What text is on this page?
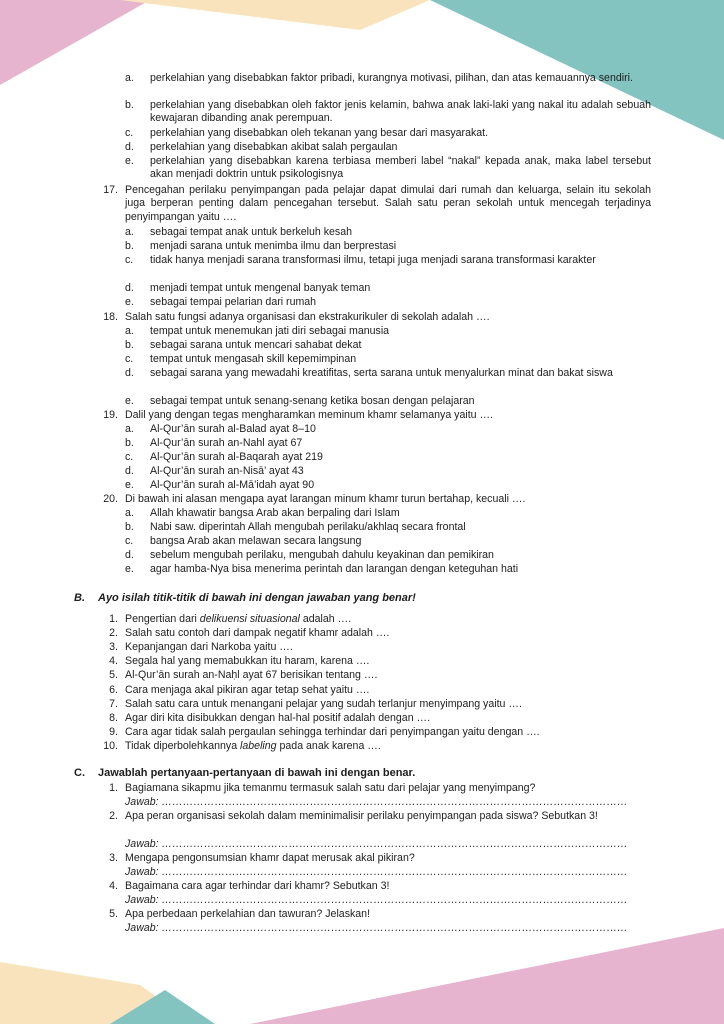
a. perkelahian yang disebabkan faktor pribadi, kurangnya motivasi, pilihan, dan atas kemauannya sendiri.
b. perkelahian yang disebabkan oleh faktor jenis kelamin, bahwa anak laki-laki yang nakal itu adalah sebuah kewajaran dibanding anak perempuan.
c. perkelahian yang disebabkan oleh tekanan yang besar dari masyarakat.
d. perkelahian yang disebabkan akibat salah pergaulan
e. perkelahian yang disebabkan karena terbiasa memberi label “nakal” kepada anak, maka label tersebut akan menjadi doktrin untuk psikologisnya
17. Pencegahan perilaku penyimpangan pada pelajar dapat dimulai dari rumah dan keluarga, selain itu sekolah juga berperan penting dalam pencegahan tersebut. Salah satu peran sekolah untuk mencegah terjadinya penyimpangan yaitu ….
a. sebagai tempat anak untuk berkeluh kesah
b. menjadi sarana untuk menimba ilmu dan berprestasi
c. tidak hanya menjadi sarana transformasi ilmu, tetapi juga menjadi sarana transformasi karakter
d. menjadi tempat untuk mengenal banyak teman
e. sebagai tempai pelarian dari rumah
18. Salah satu fungsi adanya organisasi dan ekstrakurikuler di sekolah adalah ….
a. tempat untuk menemukan jati diri sebagai manusia
b. sebagai sarana untuk mencari sahabat dekat
c. tempat untuk mengasah skill kepemimpinan
d. sebagai sarana yang mewadahi kreatifitas, serta sarana untuk menyalurkan minat dan bakat siswa
e. sebagai tempat untuk senang-senang ketika bosan dengan pelajaran
19. Dalil yang dengan tegas mengharamkan meminum khamr selamanya yaitu ….
a. Al-Qur’ān surah al-Balad ayat 8–10
b. Al-Qur’ān surah an-Nahl ayat 67
c. Al-Qur’ān surah al-Baqarah ayat 219
d. Al-Qur’ān surah an-Nisā’ ayat 43
e. Al-Qur’ān surah al-Mā’idah ayat 90
20. Di bawah ini alasan mengapa ayat larangan minum khamr turun bertahap, kecuali ….
a. Allah khawatir bangsa Arab akan berpaling dari Islam
b. Nabi saw. diperintah Allah mengubah perilaku/akhlaq secara frontal
c. bangsa Arab akan melawan secara langsung
d. sebelum mengubah perilaku, mengubah dahulu keyakinan dan pemikiran
e. agar hamba-Nya bisa menerima perintah dan larangan dengan keteguhan hati
B. Ayo isilah titik-titik di bawah ini dengan jawaban yang benar!
1. Pengertian dari delikuensi situasional adalah ….
2. Salah satu contoh dari dampak negatif khamr adalah ….
3. Kepanjangan dari Narkoba yaitu ….
4. Segala hal yang memabukkan itu haram, karena ….
5. Al-Qur’ān surah an-Naḥl ayat 67 berisikan tentang ….
6. Cara menjaga akal pikiran agar tetap sehat yaitu ….
7. Salah satu cara untuk menangani pelajar yang sudah terlanjur menyimpang yaitu ….
8. Agar diri kita disibukkan dengan hal-hal positif adalah dengan ….
9. Cara agar tidak salah pergaulan sehingga terhindar dari penyimpangan yaitu dengan ….
10. Tidak diperbolehkannya labeling pada anak karena ….
C. Jawablah pertanyaan-pertanyaan di bawah ini dengan benar.
1. Bagiamana sikapmu jika temanmu termasuk salah satu dari pelajar yang menyimpang?
Jawab: ……………………………………………………………………………………………………………………
2. Apa peran organisasi sekolah dalam meminimalisir perilaku penyimpangan pada siswa? Sebutkan 3!
Jawab: ……………………………………………………………………………………………………………………
3. Mengapa pengonsumsian khamr dapat merusak akal pikiran?
Jawab: ……………………………………………………………………………………………………………………
4. Bagaimana cara agar terhindar dari khamr? Sebutkan 3!
Jawab: ……………………………………………………………………………………………………………………
5. Apa perbedaan perkelahian dan tawuran? Jelaskan!
Jawab: ……………………………………………………………………………………………………………………
